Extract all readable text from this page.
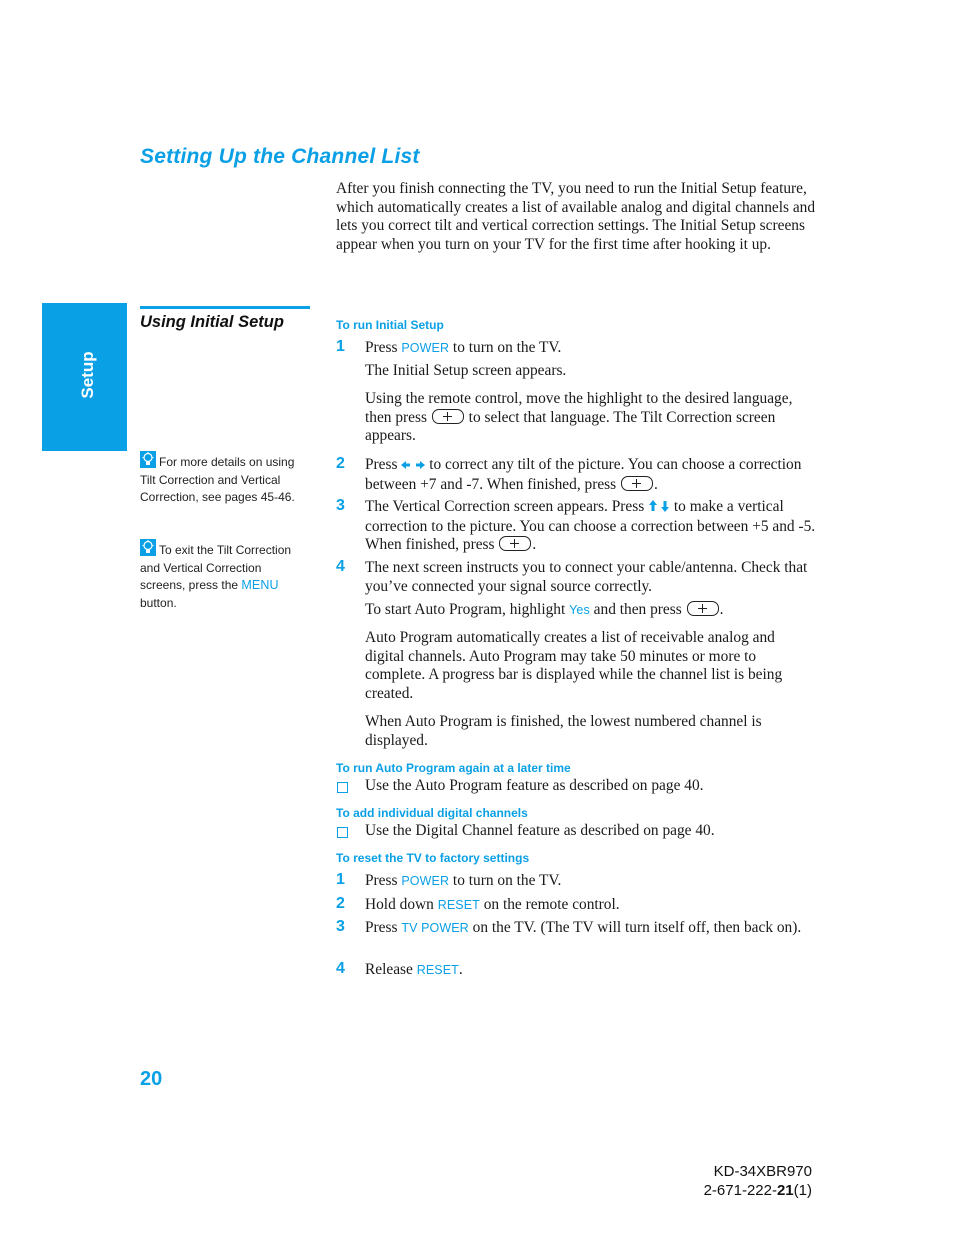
Setting Up the Channel List
After you finish connecting the TV, you need to run the Initial Setup feature, which automatically creates a list of available analog and digital channels and lets you correct tilt and vertical correction settings. The Initial Setup screens appear when you turn on your TV for the first time after hooking it up.
Setup
Using Initial Setup
For more details on using Tilt Correction and Vertical Correction, see pages 45-46.
To exit the Tilt Correction and Vertical Correction screens, press the MENU button.
To run Initial Setup
1 Press POWER to turn on the TV.
The Initial Setup screen appears.
Using the remote control, move the highlight to the desired language, then press  to select that language. The Tilt Correction screen appears.
2 Press  to correct any tilt of the picture. You can choose a correction between +7 and -7. When finished, press .
3 The Vertical Correction screen appears. Press  to make a vertical correction to the picture. You can choose a correction between +5 and -5. When finished, press .
4 The next screen instructs you to connect your cable/antenna. Check that you’ve connected your signal source correctly.
To start Auto Program, highlight Yes and then press .
Auto Program automatically creates a list of receivable analog and digital channels. Auto Program may take 50 minutes or more to complete. A progress bar is displayed while the channel list is being created.
When Auto Program is finished, the lowest numbered channel is displayed.
To run Auto Program again at a later time
Use the Auto Program feature as described on page 40.
To add individual digital channels
Use the Digital Channel feature as described on page 40.
To reset the TV to factory settings
1 Press POWER to turn on the TV.
2 Hold down RESET on the remote control.
3 Press TV POWER on the TV. (The TV will turn itself off, then back on).
4 Release RESET.
20
KD-34XBR970
2-671-222-21(1)
